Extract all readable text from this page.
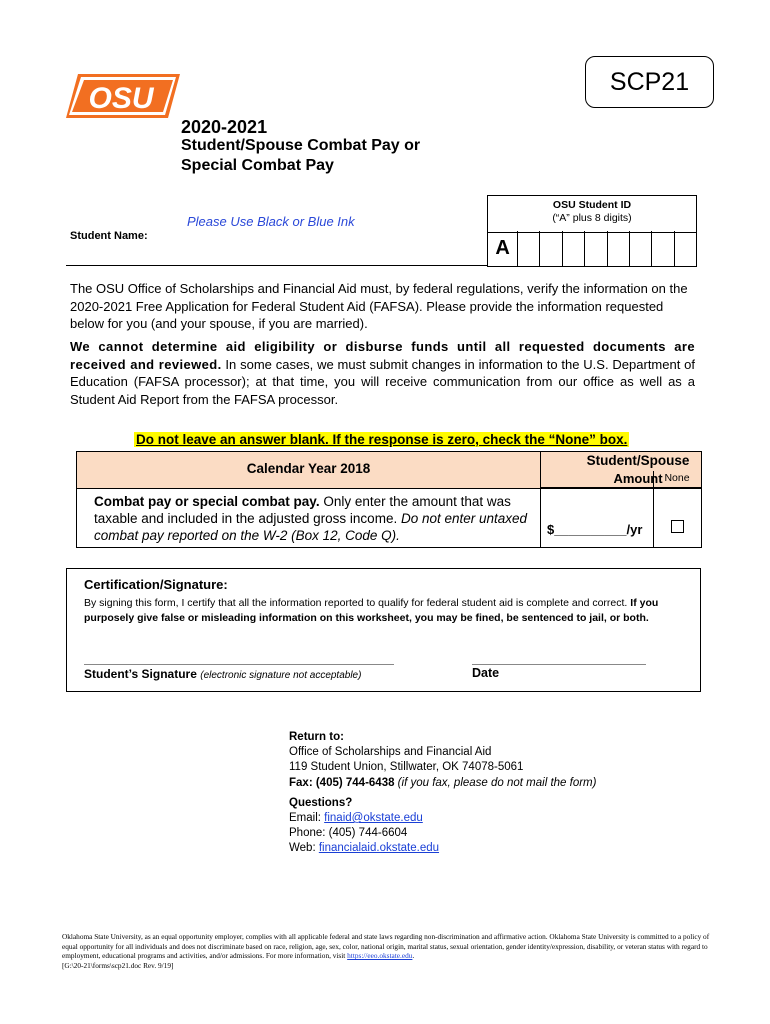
OSU
SCP21
2020-2021
Student/Spouse Combat Pay or
Special Combat Pay
Please Use Black or Blue Ink
OSU Student ID
(“A” plus 8 digits)
A
Student Name:
The OSU Office of Scholarships and Financial Aid must, by federal regulations, verify the information on the 2020-2021 Free Application for Federal Student Aid (FAFSA). Please provide the information requested below for you (and your spouse, if you are married).
We cannot determine aid eligibility or disburse funds until all requested documents are received and reviewed. In some cases, we must submit changes in information to the U.S. Department of Education (FAFSA processor); at that time, you will receive communication from our office as well as a Student Aid Report from the FAFSA processor.
Do not leave an answer blank. If the response is zero, check the “None” box.
Calendar Year 2018
Student/Spouse
Amount None
Combat pay or special combat pay. Only enter the amount that was taxable and included in the adjusted gross income. Do not enter untaxed combat pay reported on the W-2 (Box 12, Code Q).	$__________/yr
Certification/Signature:
By signing this form, I certify that all the information reported to qualify for federal student aid is complete and correct. If you purposely give false or misleading information on this worksheet, you may be fined, be sentenced to jail, or both.
Student’s Signature (electronic signature not acceptable)	Date
Return to:
Office of Scholarships and Financial Aid
119 Student Union, Stillwater, OK 74078-5061
Fax: (405) 744-6438 (if you fax, please do not mail the form)
Questions?
Email: finaid@okstate.edu
Phone: (405) 744-6604
Web: financialaid.okstate.edu
Oklahoma State University, as an equal opportunity employer, complies with all applicable federal and state laws regarding non-discrimination and affirmative action. Oklahoma State University is committed to a policy of equal opportunity for all individuals and does not discriminate based on race, religion, age, sex, color, national origin, marital status, sexual orientation, gender identity/expression, disability, or veteran status with regard to employment, educational programs and activities, and/or admissions. For more information, visit https://eeo.okstate.edu.
[G:\20-21\forms\scp21.doc Rev. 9/19]
